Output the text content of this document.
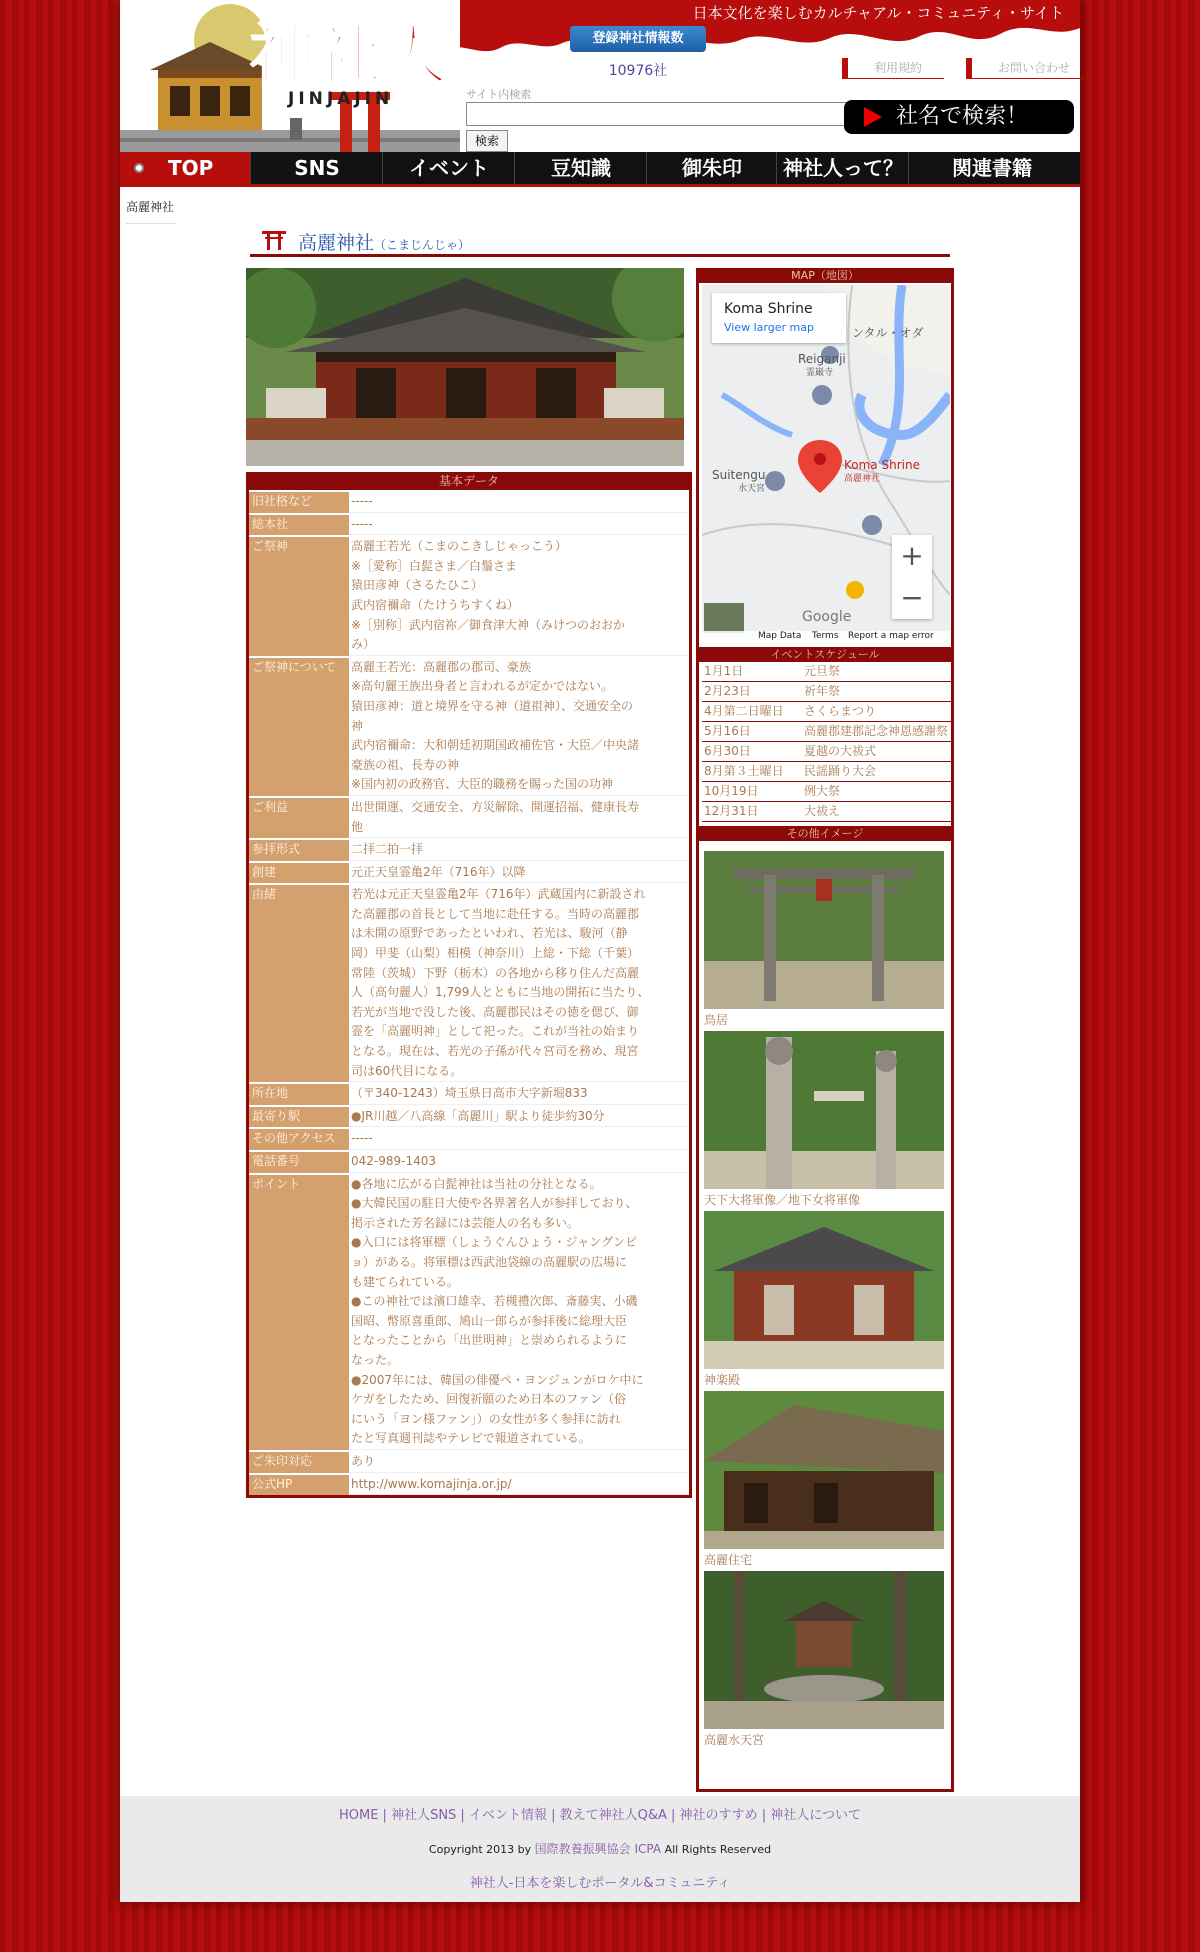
日本文化を楽しむカルチャアル・コミュニティ・サイト
神社人
JINJAJIN
登録神社情報数
10976社	利用規約	お問い合わせ
サイト内検索
検索
社名で検索！
TOP	SNS	イベント	豆知識	御朱印	神社人って？	関連書籍
高麗神社
高麗神社（こまじんじゃ）
基本データ
旧社格など	-----

総本社	-----

ご祭神	高麗王若光（こまのこきしじゃっこう）

※［愛称］白髭さま／白鬚さま

猿田彦神（さるたひこ）

武内宿禰命（たけうちすくね）

※［別称］武内宿祢／御食津大神（みけつのおおか

み）

ご祭神について	高麗王若光：高麗郡の郡司、豪族

※高句麗王族出身者と言われるが定かではない。

猿田彦神：道と境界を守る神（道祖神）、交通安全の

神

武内宿禰命：大和朝廷初期国政補佐官・大臣／中央諸

豪族の祖、長寿の神

※国内初の政務官、大臣的職務を賜った国の功神

ご利益	出世開運、交通安全、方災解除、開運招福、健康長寿

他

参拝形式	二拝二拍一拝

創建	元正天皇霊亀2年（716年）以降

由緒	若光は元正天皇霊亀2年（716年）武蔵国内に新設され

た高麗郡の首長として当地に赴任する。当時の高麗郡

は未開の原野であったといわれ、若光は、駿河（静

岡）甲斐（山梨）相模（神奈川）上総・下総（千葉）

常陸（茨城）下野（栃木）の各地から移り住んだ高麗

人（高句麗人）1,799人とともに当地の開拓に当たり、

若光が当地で没した後、高麗郡民はその徳を偲び、御

霊を「高麗明神」として祀った。これが当社の始まり

となる。現在は、若光の子孫が代々宮司を務め、現宮

司は60代目になる。

所在地	（〒340-1243）埼玉県日高市大字新堀833

最寄り駅	●JR川越／八高線「高麗川」駅より徒歩約30分

その他アクセス	-----

電話番号	042-989-1403

ポイント	●各地に広がる白髭神社は当社の分社となる。

●大韓民国の駐日大使や各界著名人が参拝しており、

掲示された芳名録には芸能人の名も多い。

●入口には将軍標（しょうぐんひょう・ジャングンピ

ョ）がある。将軍標は西武池袋線の高麗駅の広場に

も建てられている。

●この神社では濱口雄幸、若槻禮次郎、斎藤実、小磯

国昭、幣原喜重郎、鳩山一郎らが参拝後に総理大臣

となったことから「出世明神」と崇められるように

なった。

●2007年には、韓国の俳優ペ・ヨンジュンがロケ中に

ケガをしたため、回復祈願のため日本のファン（俗

にいう「ヨン様ファン」）の女性が多く参拝に訪れ

たと写真週刊誌やテレビで報道されている。

ご朱印対応	あり

公式HP	http://www.komajinja.or.jp/

MAP（地図）
Koma Shrine
高麗神社
Reiganji
霊巌寺
Suitengu
水天宮
ンタル・オダ
Google
Koma Shrine
View larger map
+
−
Map Data Terms Report a map error
イベントスケジュール
1月1日	元旦祭
2月23日	祈年祭
4月第二日曜日	さくらまつり
5月16日	高麗郡建郡記念神恩感謝祭
6月30日	夏越の大祓式
8月第３土曜日	民謡踊り大会
10月19日	例大祭
12月31日	大祓え
その他イメージ
鳥居
天下大将軍像／地下女将軍像
神楽殿
高麗住宅
高麗水天宮
HOME | 神社人SNS | イベント情報 | 教えて神社人Q&A | 神社のすすめ | 神社人について
Copyright 2013 by 国際教養振興協会 ICPA All Rights Reserved
神社人-日本を楽しむポータル&コミュニティ
